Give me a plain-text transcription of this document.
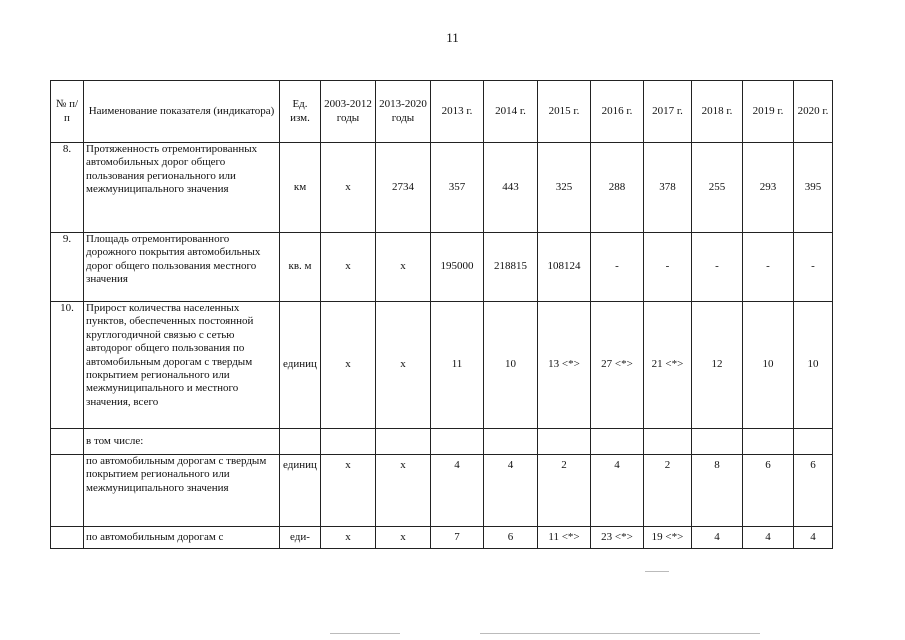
11
№ п/п	Наименование показателя (индикатора)	Ед. изм.	2003-2012 годы	2013-2020 годы	2013 г.	2014 г.	2015 г.	2016 г.	2017 г.	2018 г.	2019 г.	2020 г.
8.	Протяженность отремонтированных автомобильных дорог общего пользования регионального или межмуниципального значения	км	x	2734	357	443	325	288	378	255	293	395
9.	Площадь отремонтированного дорожного покрытия автомобильных дорог общего пользования местного значения	кв. м	x	x	195000	218815	108124	-	-	-	-	-
10.	Прирост количества населенных пунктов, обеспеченных постоянной круглогодичной связью с сетью автодорог общего пользования по автомобильным дорогам с твердым покрытием регионального или межмуниципального и местного значения, всего	единиц	x	x	11	10	13 <*>	27 <*>	21 <*>	12	10	10
	в том числе:											
	по автомобильным дорогам с твердым покрытием регионального или межмуниципального значения	единиц	x	x	4	4	2	4	2	8	6	6
	по автомобильным дорогам с	еди-	x	x	7	6	11 <*>	23 <*>	19 <*>	4	4	4
